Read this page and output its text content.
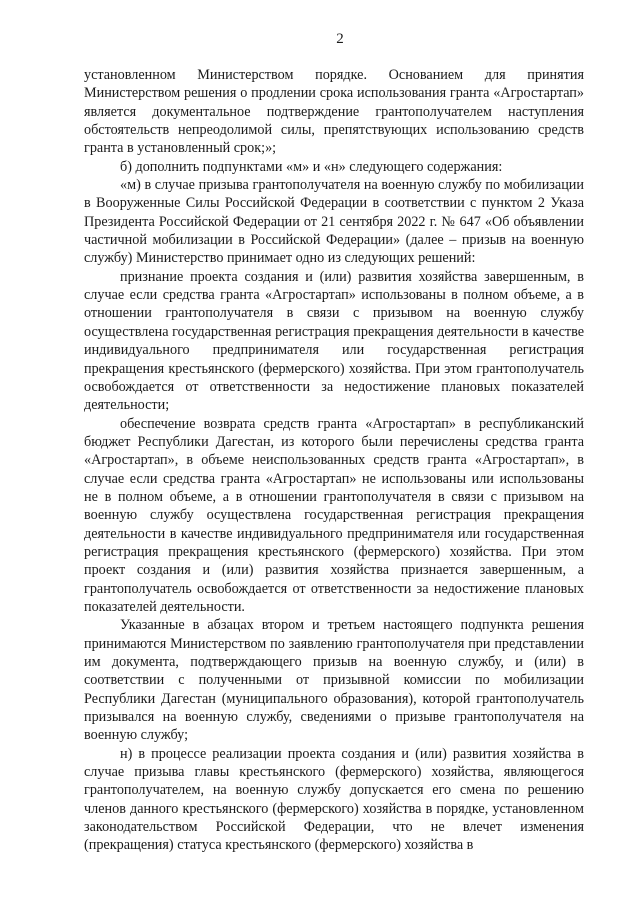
2

установленном Министерством порядке. Основанием для принятия Министерством решения о продлении срока использования гранта «Агростартап» является документальное подтверждение грантополучателем наступления обстоятельств непреодолимой силы, препятствующих использованию средств гранта в установленный срок;»;

б) дополнить подпунктами «м» и «н» следующего содержания:

«м) в случае призыва грантополучателя на военную службу по мобилизации в Вооруженные Силы Российской Федерации в соответствии с пунктом 2 Указа Президента Российской Федерации от 21 сентября 2022 г. № 647 «Об объявлении частичной мобилизации в Российской Федерации» (далее – призыв на военную службу) Министерство принимает одно из следующих решений:

признание проекта создания и (или) развития хозяйства завершенным, в случае если средства гранта «Агростартап» использованы в полном объеме, а в отношении грантополучателя в связи с призывом на военную службу осуществлена государственная регистрация прекращения деятельности в качестве индивидуального предпринимателя или государственная регистрация прекращения крестьянского (фермерского) хозяйства. При этом грантополучатель освобождается от ответственности за недостижение плановых показателей деятельности;

обеспечение возврата средств гранта «Агростартап» в республиканский бюджет Республики Дагестан, из которого были перечислены средства гранта «Агростартап», в объеме неиспользованных средств гранта «Агростартап», в случае если средства гранта «Агростартап» не использованы или использованы не в полном объеме, а в отношении грантополучателя в связи с призывом на военную службу осуществлена государственная регистрация прекращения деятельности в качестве индивидуального предпринимателя или государственная регистрация прекращения крестьянского (фермерского) хозяйства. При этом проект создания и (или) развития хозяйства признается завершенным, а грантополучатель освобождается от ответственности за недостижение плановых показателей деятельности.

Указанные в абзацах втором и третьем настоящего подпункта решения принимаются Министерством по заявлению грантополучателя при представлении им документа, подтверждающего призыв на военную службу, и (или) в соответствии с полученными от призывной комиссии по мобилизации Республики Дагестан (муниципального образования), которой грантополучатель призывался на военную службу, сведениями о призыве грантополучателя на военную службу;

н) в процессе реализации проекта создания и (или) развития хозяйства в случае призыва главы крестьянского (фермерского) хозяйства, являющегося грантополучателем, на военную службу допускается его смена по решению членов данного крестьянского (фермерского) хозяйства в порядке, установленном законодательством Российской Федерации, что не влечет изменения (прекращения) статуса крестьянского (фермерского) хозяйства в
